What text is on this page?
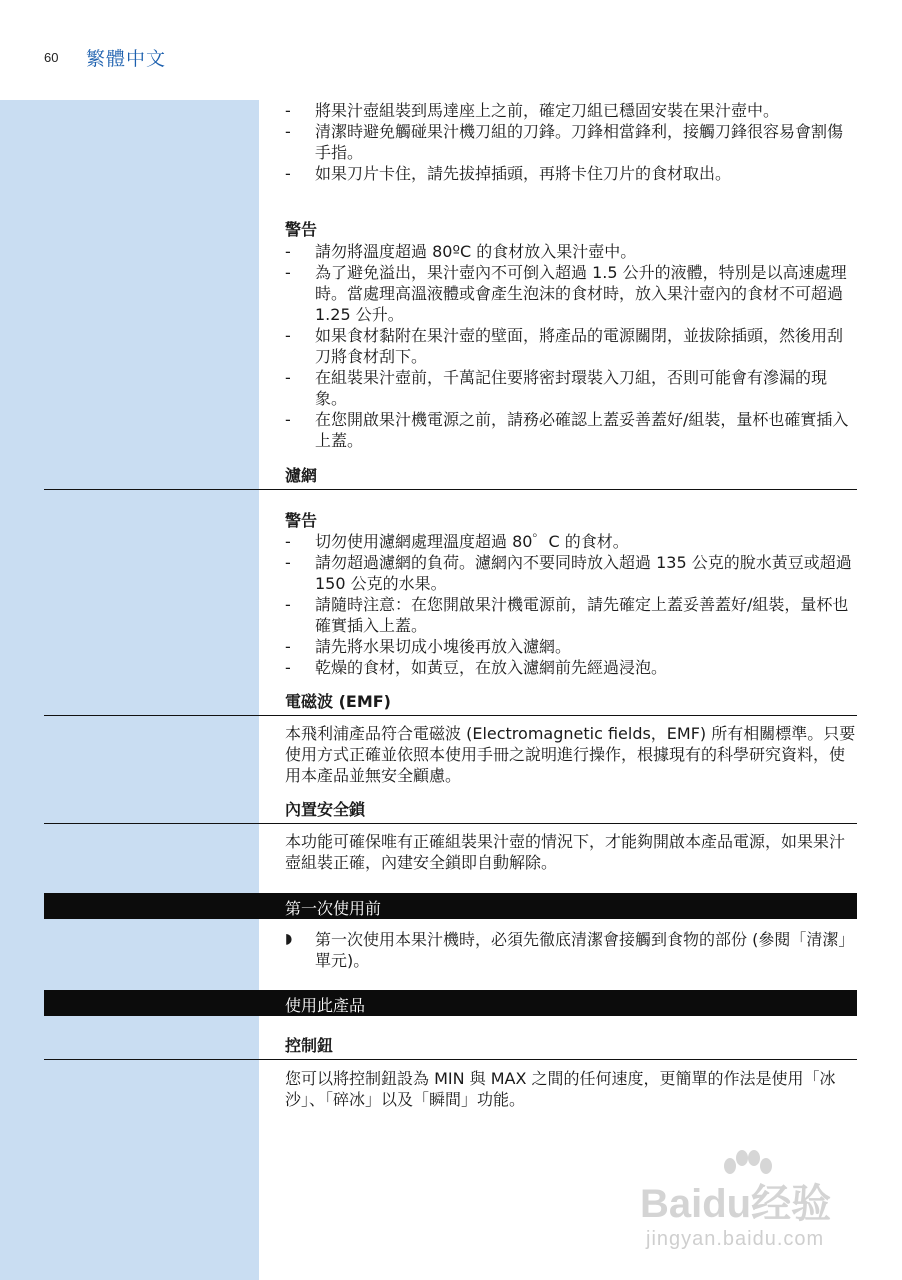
60 繁體中文
-	將果汁壺組裝到馬達座上之前，確定刀組已穩固安裝在果汁壺中。
-	清潔時避免觸碰果汁機刀組的刀鋒。刀鋒相當鋒利，接觸刀鋒很容易會割傷手指。
-	如果刀片卡住，請先拔掉插頭，再將卡住刀片的食材取出。
警告
-	請勿將溫度超過 80ºC 的食材放入果汁壺中。
-	為了避免溢出，果汁壺內不可倒入超過 1.5 公升的液體，特別是以高速處理時。當處理高溫液體或會產生泡沫的食材時，放入果汁壺內的食材不可超過 1.25 公升。
-	如果食材黏附在果汁壺的壁面，將產品的電源關閉，並拔除插頭，然後用刮刀將食材刮下。
-	在組裝果汁壺前，千萬記住要將密封環裝入刀組，否則可能會有滲漏的現象。
-	在您開啟果汁機電源之前，請務必確認上蓋妥善蓋好/組裝，量杯也確實插入上蓋。
濾網
警告
-	切勿使用濾網處理溫度超過 80゜C 的食材。
-	請勿超過濾網的負荷。濾網內不要同時放入超過 135 公克的脫水黃豆或超過 150 公克的水果。
-	請隨時注意：在您開啟果汁機電源前，請先確定上蓋妥善蓋好/組裝，量杯也確實插入上蓋。
-	請先將水果切成小塊後再放入濾網。
-	乾燥的食材，如黃豆，在放入濾網前先經過浸泡。
電磁波 (EMF)
本飛利浦產品符合電磁波 (Electromagnetic fields，EMF) 所有相關標準。只要使用方式正確並依照本使用手冊之說明進行操作，根據現有的科學研究資料，使用本產品並無安全顧慮。
內置安全鎖
本功能可確保唯有正確組裝果汁壺的情況下，才能夠開啟本產品電源，如果果汁壺組裝正確，內建安全鎖即自動解除。
第一次使用前
◗ 第一次使用本果汁機時，必須先徹底清潔會接觸到食物的部份 (參閱「清潔」單元)。
使用此產品
控制鈕
您可以將控制鈕設為 MIN 與 MAX 之間的任何速度，更簡單的作法是使用「冰沙」、「碎冰」以及「瞬間」功能。
Baidu经验
jingyan.baidu.com
